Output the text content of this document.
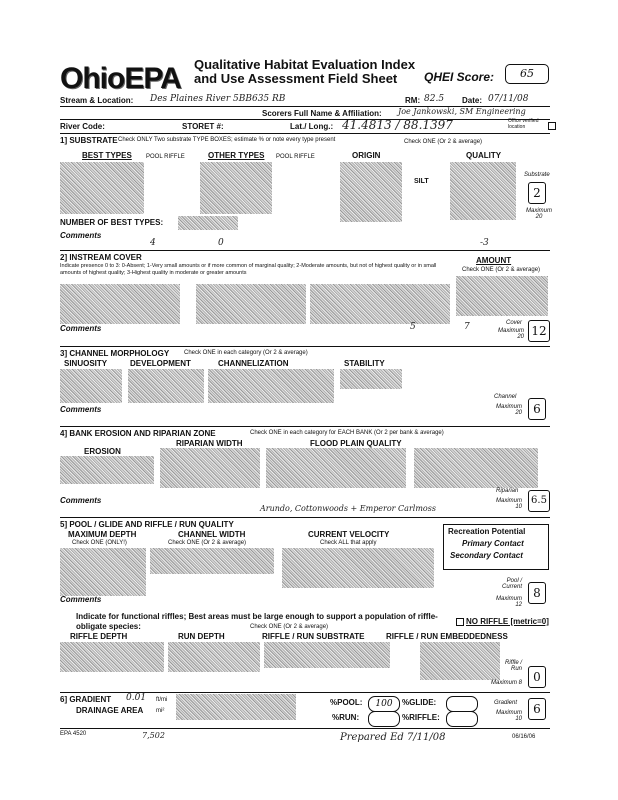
OhioEPA Qualitative Habitat Evaluation Index
and Use Assessment Field Sheet	QHEI Score:	65
Stream & Location: Des Plaines River 5BB635 RB	RM: 82.5 Date: 07/11/08
Scorers Full Name & Affiliation: Joe Jankowski, SM Engineering
River Code:	STORET #:	Lat./ Long.: 41.4813 / 88.1397	Office verified location
1] SUBSTRATE Check ONLY Two substrate TYPE BOXES; estimate % or note every type present	Check ONE (Or 2 & average)
BEST TYPES POOL RIFFLE	OTHER TYPES POOL RIFFLE	ORIGIN	QUALITY
SILT
NUMBER OF BEST TYPES:
Comments
4	0	-3
Substrate
2
Maximum 20
2] INSTREAM COVER
Indicate presence 0 to 3: 0-Absent; 1-Very small amounts or if more common of marginal quality; 2-Moderate amounts, but not of highest quality or in small amounts of highest quality; 3-Highest quality in moderate or greater amounts
AMOUNT
Check ONE (Or 2 & average)
Comments	5	7	Cover
Maximum 20 12
3] CHANNEL MORPHOLOGY Check ONE in each category (Or 2 & average)
SINUOSITY	DEVELOPMENT	CHANNELIZATION	STABILITY
Comments
Channel
Maximum 20 6
4] BANK EROSION AND RIPARIAN ZONE	Check ONE in each category for EACH BANK (Or 2 per bank & average)
RIPARIAN WIDTH	FLOOD PLAIN QUALITY
EROSION
Comments
Arundo, Cottonwoods + Emperor Carlmoss
Riparian
Maximum 10
6.5
5] POOL / GLIDE AND RIFFLE / RUN QUALITY
MAXIMUM DEPTH
Check ONE (ONLY!)
CHANNEL WIDTH
Check ONE (Or 2 & average)
CURRENT VELOCITY
Check ALL that apply
Recreation Potential
Primary Contact
Secondary Contact
Comments
Pool / Current
Maximum 12
8
Indicate for functional riffles; Best areas must be large enough to support a population of riffle-obligate species:	Check ONE (Or 2 & average)
NO RIFFLE [metric=0]
RIFFLE DEPTH	RUN DEPTH	RIFFLE / RUN SUBSTRATE	RIFFLE / RUN EMBEDDEDNESS
Riffle / Run
Maximum 8 0
6] GRADIENT 0.01 ft/mi
DRAINAGE AREA mi²
%POOL:	100	%GLIDE:
%RUN:	%RIFFLE:
Gradient
Maximum 10
6
EPA 4520	7,502	Prepared Ed 7/11/08	06/16/06
